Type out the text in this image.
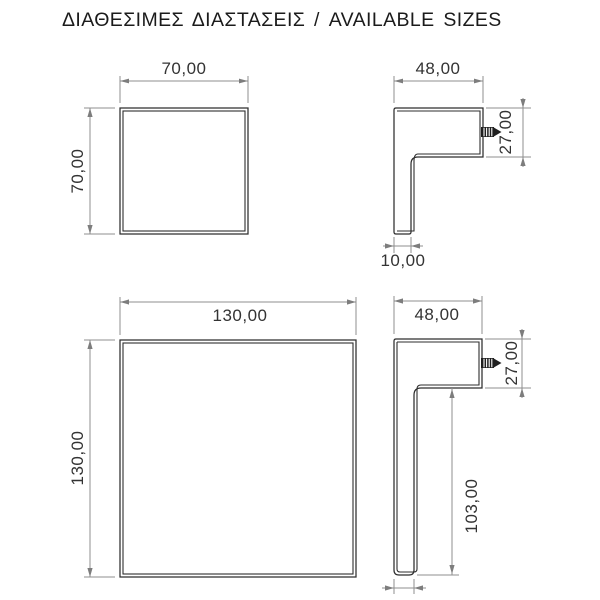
ΔΙΑΘΕΣΙΜΕΣ ΔΙΑΣΤΑΣΕΙΣ / AVAILABLE SIZES
70,00
70,00
48,00
27,00
10,00
130,00
130,00
48,00
27,00
103,00
